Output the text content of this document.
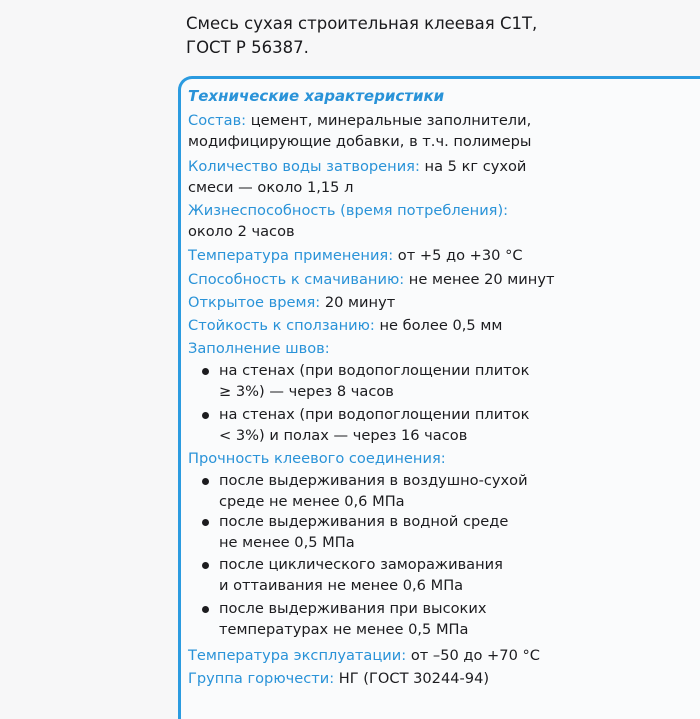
Смесь сухая строительная клеевая С1Т,
ГОСТ Р 56387.
Технические характеристики
Состав: цемент, минеральные заполнители,
модифицирующие добавки, в т.ч. полимеры
Количество воды затворения: на 5 кг сухой
смеси — около 1,15 л
Жизнеспособность (время потребления):
около 2 часов
Температура применения: от +5 до +30 °С
Способность к смачиванию: не менее 20 минут
Открытое время: 20 минут
Стойкость к сползанию: не более 0,5 мм
Заполнение швов:
на стенах (при водопоглощении плиток
≥ 3%) — через 8 часов
на стенах (при водопоглощении плиток
< 3%) и полах — через 16 часов
Прочность клеевого соединения:
после выдерживания в воздушно-сухой
среде не менее 0,6 МПа
после выдерживания в водной среде
не менее 0,5 МПа
после циклического замораживания
и оттаивания не менее 0,6 МПа
после выдерживания при высоких
температурах не менее 0,5 МПа
Температура эксплуатации: от –50 до +70 °С
Группа горючести: НГ (ГОСТ 30244-94)
